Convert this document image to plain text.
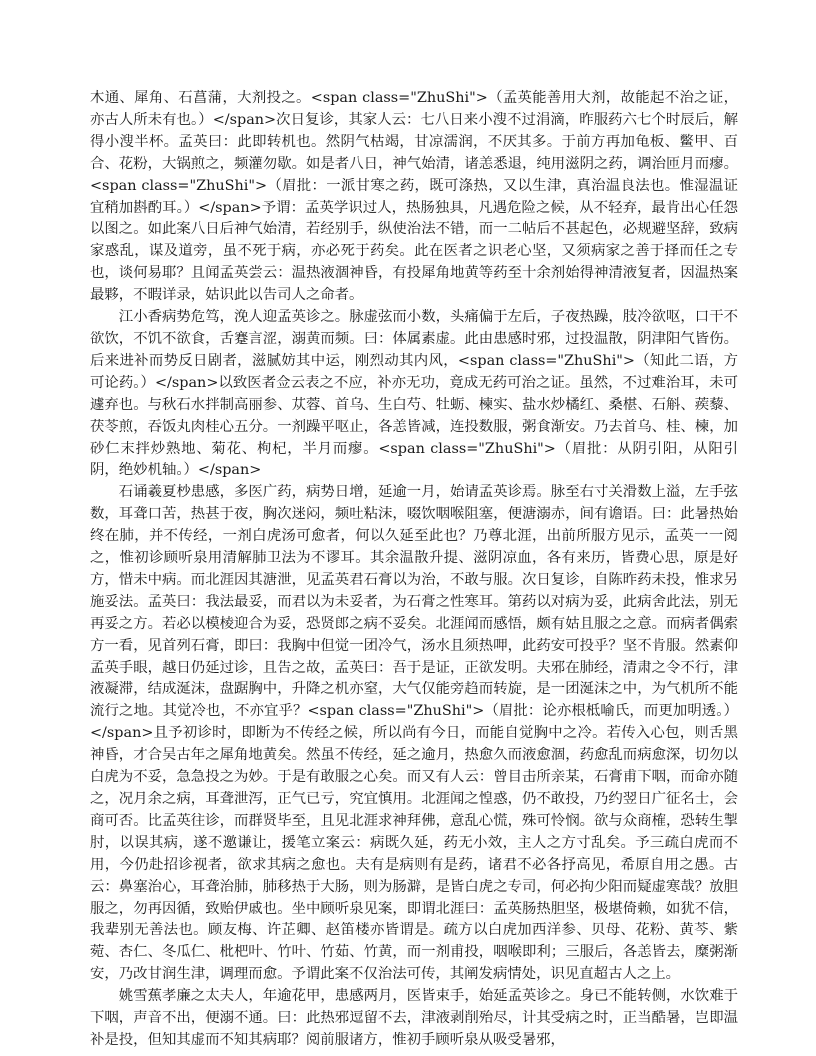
木通、犀角、石菖蒲，大剂投之。<span class="ZhuShi">（孟英能善用大剂，故能起不治之证，亦古人所未有也。）</span>次日复诊，其家人云：七八日来小溲不过涓滴，昨服药六七个时辰后，解得小溲半杯。孟英曰：此即转机也。然阴气枯竭，甘凉濡润，不厌其多。于前方再加龟板、鳖甲、百合、花粉，大锅煎之，频灌勿歇。如是者八日，神气始清，诸恙悉退，纯用滋阴之药，调治匝月而瘳。<span class="ZhuShi">（眉批：一派甘寒之药，既可涤热，又以生津，真治温良法也。惟湿温证宜稍加斟酌耳。）</span>予谓：孟英学识过人，热肠独具，凡遇危险之候，从不轻弃，最肯出心任怨以图之。如此案八日后神气始清，若经别手，纵使治法不错，而一二帖后不甚起色，必规避坚辞，致病家惑乱，谋及道旁，虽不死于病，亦必死于药矣。此在医者之识老心坚，又须病家之善于择而任之专也，谈何易耶？且闻孟英尝云：温热液涸神昏，有投犀角地黄等药至十余剂始得神清液复者，因温热案最夥，不暇详录，姑识此以告司人之命者。

江小香病势危笃，浼人迎孟英诊之。脉虚弦而小数，头痛偏于左后，子夜热躁，肢冷欲呕，口干不欲饮，不饥不欲食，舌蹇言涩，溺黄而频。曰：体属素虚。此由患感时邪，过投温散，阴津阳气皆伤。后来进补而势反日剧者，滋腻妨其中运，刚烈动其内风，<span class="ZhuShi">（知此二语，方可论药。）</span>以致医者佥云表之不应，补亦无功，竟成无药可治之证。虽然，不过难治耳，未可遽弃也。与秋石水拌制高丽参、苁蓉、首乌、生白芍、牡蛎、楝实、盐水炒橘红、桑椹、石斛、蒺藜、茯苓煎，吞饭丸肉桂心五分。一剂躁平呕止，各恙皆减，连投数服，粥食渐安。乃去首乌、桂、楝，加砂仁末拌炒熟地、菊花、枸杞，半月而瘳。<span class="ZhuShi">（眉批：从阴引阳，从阳引阴，绝妙机轴。）</span>

石诵羲夏杪患感，多医广药，病势日增，延逾一月，始请孟英诊焉。脉至右寸关滑数上溢，左手弦数，耳聋口苦，热甚于夜，胸次迷闷，频吐粘沫，啜饮咽喉阻塞，便溏溺赤，间有谵语。曰：此暑热始终在肺，并不传经，一剂白虎汤可愈者，何以久延至此也？乃尊北涯，出前所服方见示，孟英一一阅之，惟初诊顾听泉用清解肺卫法为不谬耳。其余温散升提、滋阴凉血，各有来历，皆费心思，原是好方，惜未中病。而北涯因其溏泄，见孟英君石膏以为治，不敢与服。次日复诊，自陈昨药未投，惟求另施妥法。孟英曰：我法最妥，而君以为未妥者，为石膏之性寒耳。第药以对病为妥，此病舍此法，别无再妥之方。若必以模棱迎合为妥，恐贤郎之病不妥矣。北涯闻而感悟，颇有姑且服之之意。而病者偶索方一看，见首列石膏，即曰：我胸中但觉一团冷气，汤水且须热呷，此药安可投乎？坚不肯服。然素仰孟英手眼，越日仍延过诊，且告之故，孟英曰：吾于是证，正欲发明。夫邪在肺经，清肃之令不行，津液凝滞，结成涎沫，盘踞胸中，升降之机亦窒，大气仅能旁趋而转旋，是一团涎沫之中，为气机所不能流行之地。其觉冷也，不亦宜乎？<span class="ZhuShi">（眉批：论亦根柢喻氏，而更加明透。）</span>且予初诊时，即断为不传经之候，所以尚有今日，而能自觉胸中之冷。若传入心包，则舌黑神昏，才合吴古年之犀角地黄矣。然虽不传经，延之逾月，热愈久而液愈涸，药愈乱而病愈深，切勿以白虎为不妥，急急投之为妙。于是有敢服之心矣。而又有人云：曾目击所亲某，石膏甫下咽，而命亦随之，况月余之病，耳聋泄泻，正气已亏，究宜慎用。北涯闻之惶惑，仍不敢投，乃约翌日广征名士，会商可否。比孟英往诊，而群贤毕至，且见北涯求神拜佛，意乱心慌，殊可怜悯。欲与众商榷，恐转生掣肘，以误其病，遂不邀谦让，援笔立案云：病既久延，药无小效，主人之方寸乱矣。予三疏白虎而不用，今仍赴招诊视者，欲求其病之愈也。夫有是病则有是药，诸君不必各抒高见，希原自用之愚。古云：鼻塞治心，耳聋治肺，肺移热于大肠，则为肠澼，是皆白虎之专司，何必拘少阳而疑虚寒哉？放胆服之，勿再因循，致贻伊戚也。坐中顾听泉见案，即谓北涯曰：孟英肠热胆坚，极堪倚赖，如犹不信，我辈别无善法也。顾友梅、许芷卿、赵笛楼亦皆谓是。疏方以白虎加西洋参、贝母、花粉、黄芩、紫菀、杏仁、冬瓜仁、枇杷叶、竹叶、竹茹、竹黄，而一剂甫投，咽喉即利；三服后，各恙皆去，糜粥渐安，乃改甘润生津，调理而愈。予谓此案不仅治法可传，其阐发病情处，识见直超古人之上。

姚雪蕉孝廉之太夫人，年逾花甲，患感两月，医皆束手，始延孟英诊之。身已不能转侧，水饮难于下咽，声音不出，便溺不通。曰：此热邪逗留不去，津液剥削殆尽，计其受病之时，正当酷暑，岂即温补是投，但知其虚而不知其病耶？阅前服诸方，惟初手顾听泉从吸受暑邪，
